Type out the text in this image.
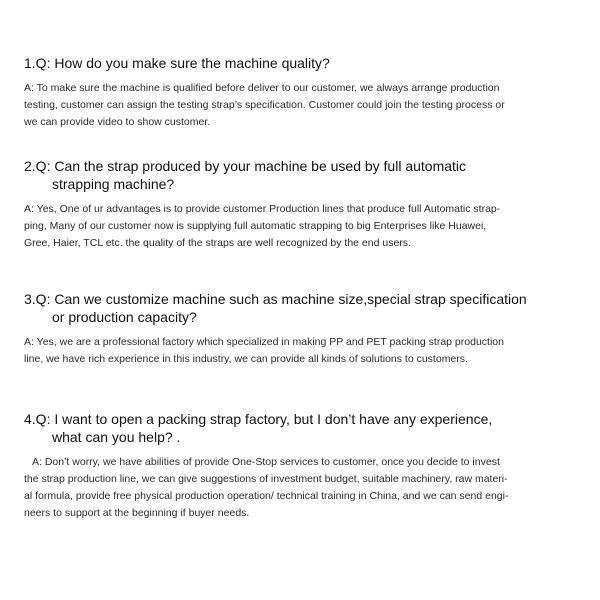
1.Q: How do you make sure the machine quality?
A: To make sure the machine is qualified before deliver to our customer, we always arrange production
testing, customer can assign the testing strap’s specification. Customer could join the testing process or
we can provide video to show customer.
2.Q: Can the strap produced by your machine be used by full automatic
strapping machine?
A: Yes, One of ur advantages is to provide customer Production lines that produce full Automatic strap-
ping, Many of our customer now is supplying full automatic strapping to big Enterprises like Huawei,
Gree, Haier, TCL etc. the quality of the straps are well recognized by the end users.
3.Q: Can we customize machine such as machine size,special strap specification
or production capacity?
A: Yes, we are a professional factory which specialized in making PP and PET packing strap production
line, we have rich experience in this industry, we can provide all kinds of solutions to customers.
4.Q: I want to open a packing strap factory, but I don’t have any experience,
what can you help? .
A: Don’t worry, we have abilities of provide One-Stop services to customer, once you decide to invest
the strap production line, we can give suggestions of investment budget, suitable machinery, raw materi-
al formula, provide free physical production operation/ technical training in China, and we can send engi-
neers to support at the beginning if buyer needs.
